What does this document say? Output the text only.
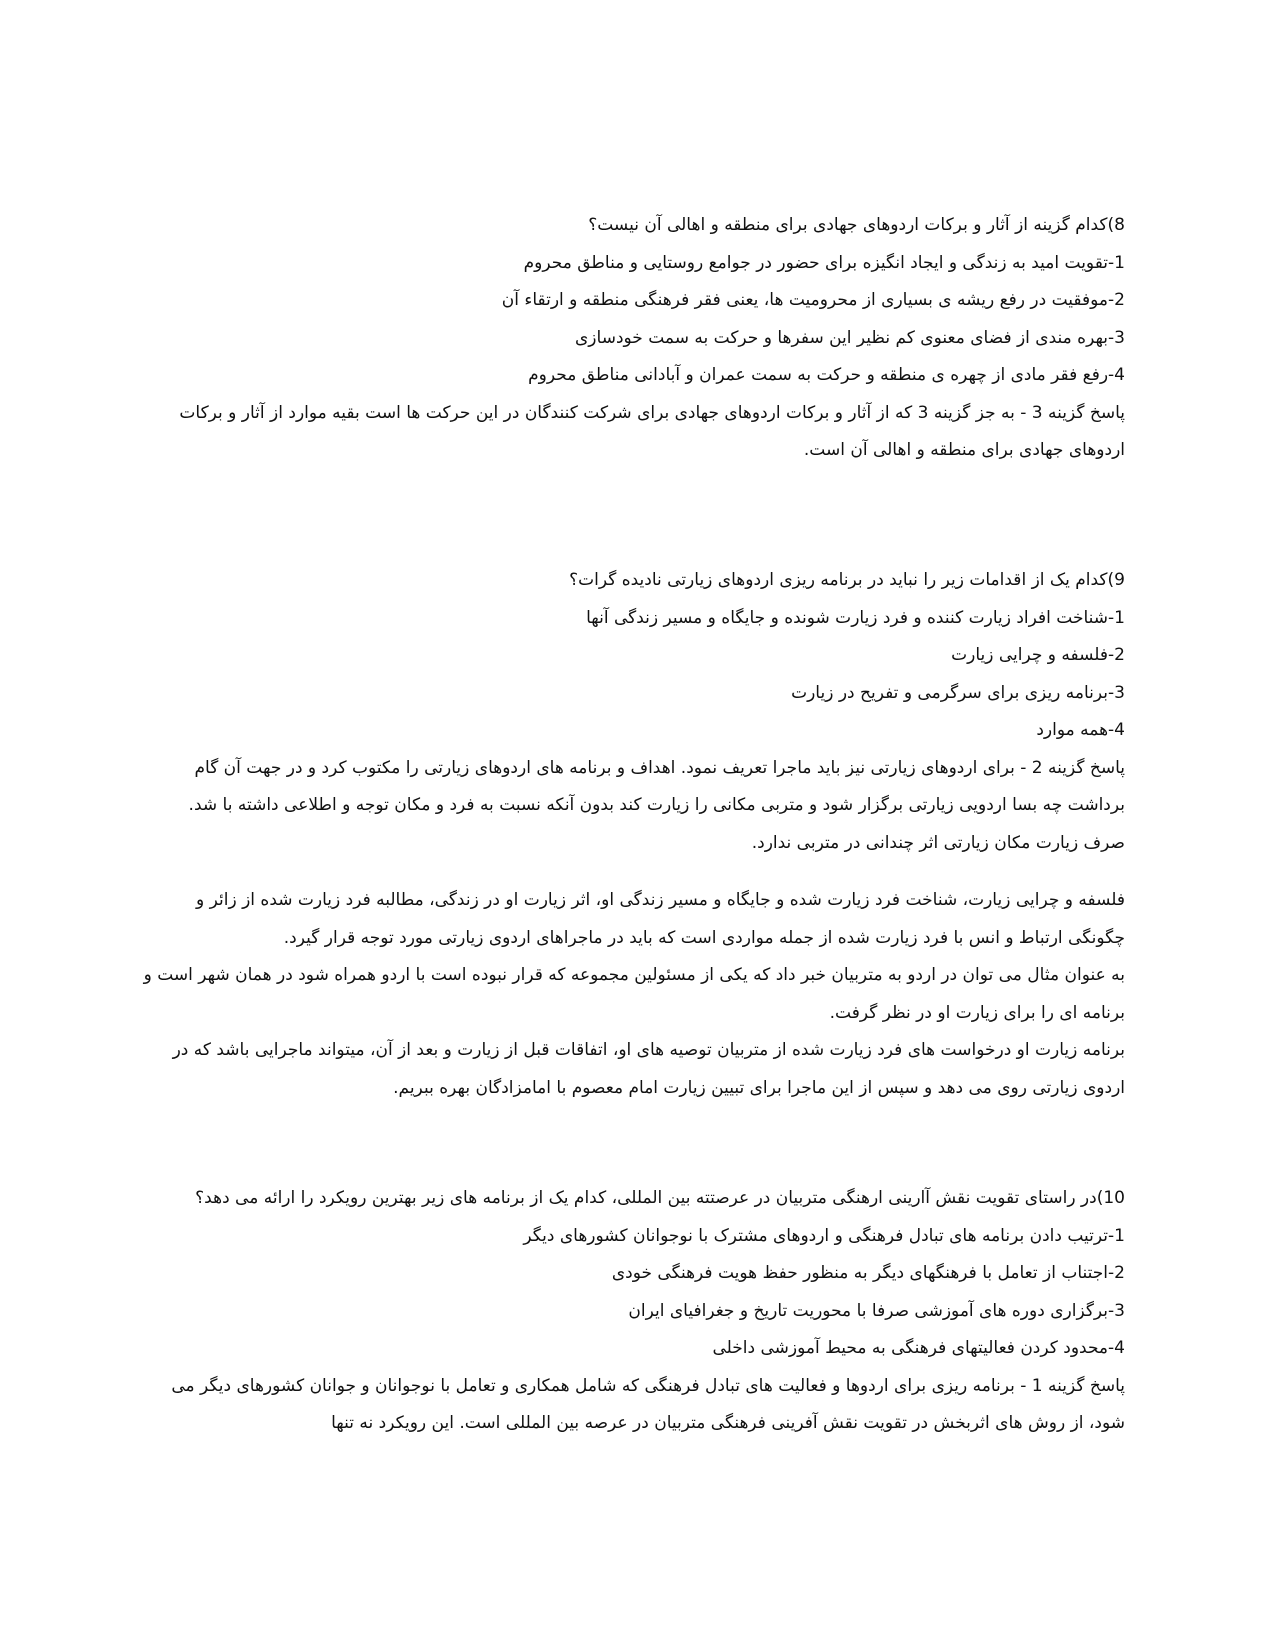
8)کدام گزینه از آثار و برکات اردوهای جهادی برای منطقه و اهالی آن نیست؟
1-تقویت امید به زندگی و ایجاد انگیزه برای حضور در جوامع روستایی و مناطق محروم
2-موفقیت در رفع ریشه ی بسیاری از محرومیت ها، یعنی فقر فرهنگی منطقه و ارتقاء آن
3-بهره مندی از فضای معنوی کم نظیر این سفرها و حرکت به سمت خودسازی
4-رفع فقر مادی از چهره ی منطقه و حرکت به سمت عمران و آبادانی مناطق محروم
پاسخ گزینه 3 - به جز گزینه 3 که از آثار و برکات اردوهای جهادی برای شرکت کنندگان در این حرکت ها است بقیه موارد از آثار و برکات اردوهای جهادی برای منطقه و اهالی آن است.
9)کدام یک از اقدامات زیر را نباید در برنامه ریزی اردوهای زیارتی نادیده گرات؟
1-شناخت افراد زیارت کننده و فرد زیارت شونده و جایگاه و مسیر زندگی آنها
2-فلسفه و چرایی زیارت
3-برنامه ریزی برای سرگرمی و تفریح در زیارت
4-همه موارد
پاسخ گزینه 2 - برای اردوهای زیارتی نیز باید ماجرا تعریف نمود. اهداف و برنامه های اردوهای زیارتی را مکتوب کرد و در جهت آن گام برداشت چه بسا اردویی زیارتی برگزار شود و متربی مکانی را زیارت کند بدون آنکه نسبت به فرد و مکان توجه و اطلاعی داشته با شد. صرف زیارت مکان زیارتی اثر چندانی در متربی ندارد.
فلسفه و چرایی زیارت، شناخت فرد زیارت شده و جایگاه و مسیر زندگی او، اثر زیارت او در زندگی، مطالبه فرد زیارت شده از زائر و چگونگی ارتباط و انس با فرد زیارت شده از جمله مواردی است که باید در ماجراهای اردوی زیارتی مورد توجه قرار گیرد.
به عنوان مثال می توان در اردو به متربیان خبر داد که یکی از مسئولین مجموعه که قرار نبوده است با اردو همراه شود در همان شهر است و برنامه ای را برای زیارت او در نظر گرفت.
برنامه زیارت او درخواست های فرد زیارت شده از متربیان توصیه های او، اتفاقات قبل از زیارت و بعد از آن، میتواند ماجرایی باشد که در اردوی زیارتی روی می دهد و سپس از این ماجرا برای تبیین زیارت امام معصوم با امامزادگان بهره ببریم.
10)در راستای تقویت نقش آارینی ارهنگی متربیان در عرصتته بین المللی، کدام یک از برنامه های زیر بهترین رویکرد را ارائه می دهد؟
1-ترتیب دادن برنامه های تبادل فرهنگی و اردوهای مشترک با نوجوانان کشورهای دیگر
2-اجتناب از تعامل با فرهنگهای دیگر به منظور حفظ هویت فرهنگی خودی
3-برگزاری دوره های آموزشی صرفا با محوریت تاریخ و جغرافیای ایران
4-محدود کردن فعالیتهای فرهنگی به محیط آموزشی داخلی
پاسخ گزینه 1 - برنامه ریزی برای اردوها و فعالیت های تبادل فرهنگی که شامل همکاری و تعامل با نوجوانان و جوانان کشورهای دیگر می شود، از روش های اثربخش در تقویت نقش آفرینی فرهنگی متربیان در عرصه بین المللی است. این رویکرد نه تنها
